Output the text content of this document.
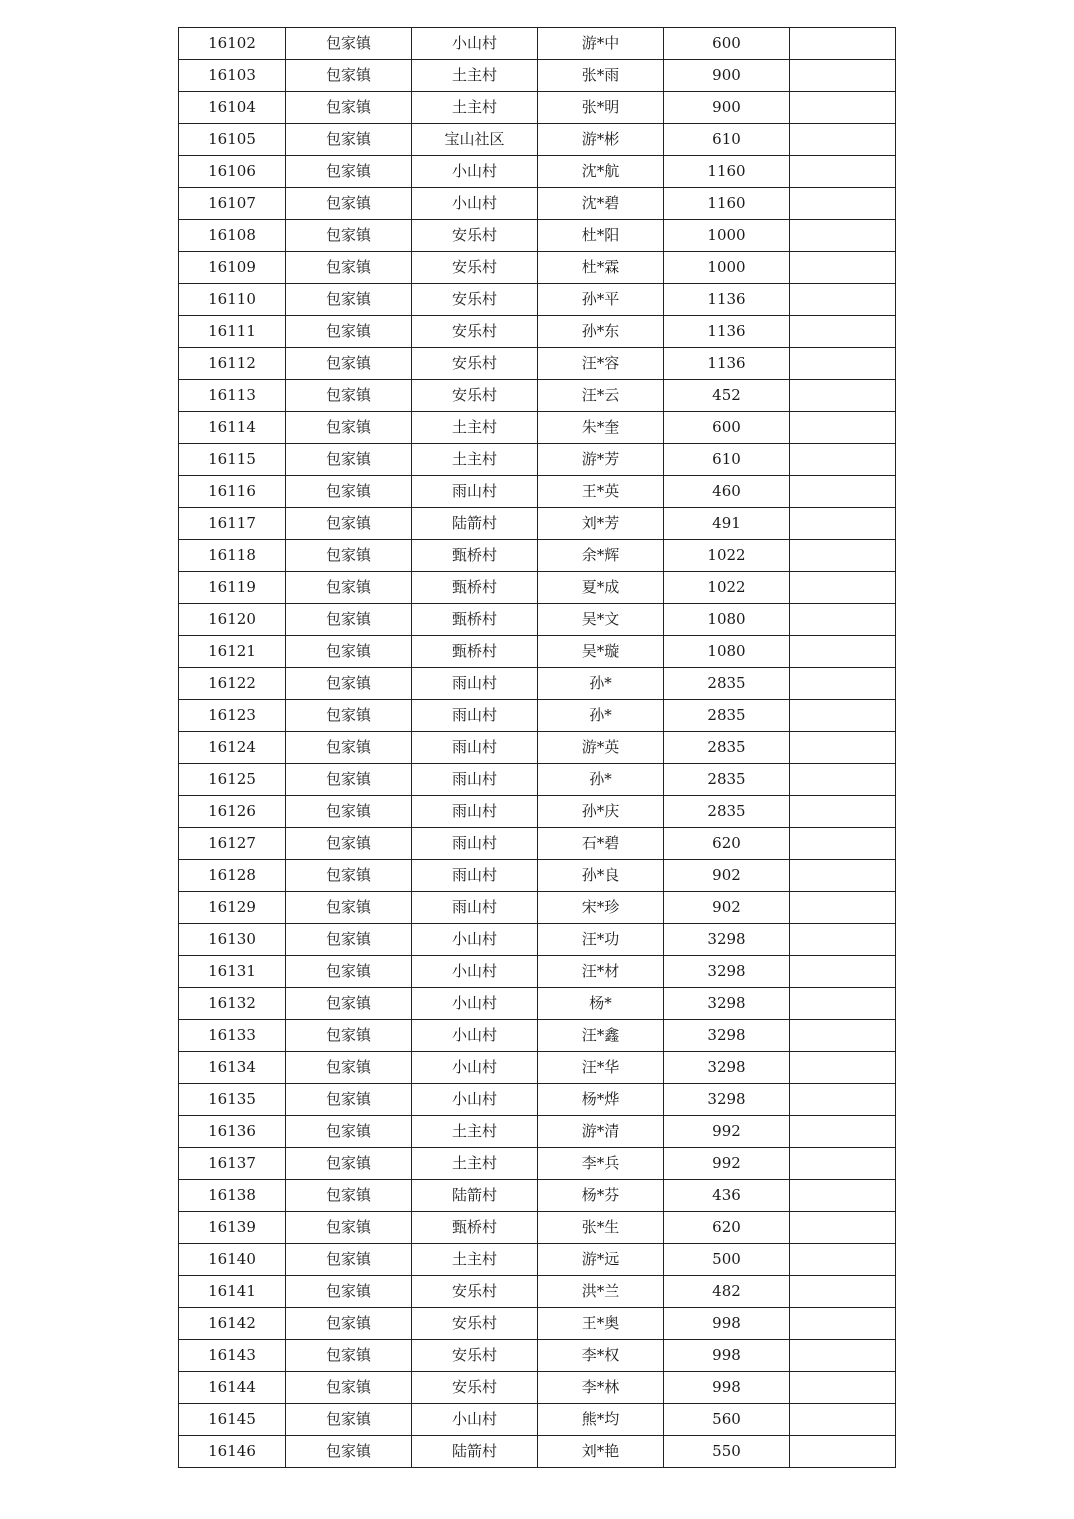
16102	包家镇	小山村	游*中	600	
16103	包家镇	土主村	张*雨	900	
16104	包家镇	土主村	张*明	900	
16105	包家镇	宝山社区	游*彬	610	
16106	包家镇	小山村	沈*航	1160	
16107	包家镇	小山村	沈*碧	1160	
16108	包家镇	安乐村	杜*阳	1000	
16109	包家镇	安乐村	杜*霖	1000	
16110	包家镇	安乐村	孙*平	1136	
16111	包家镇	安乐村	孙*东	1136	
16112	包家镇	安乐村	汪*容	1136	
16113	包家镇	安乐村	汪*云	452	
16114	包家镇	土主村	朱*奎	600	
16115	包家镇	土主村	游*芳	610	
16116	包家镇	雨山村	王*英	460	
16117	包家镇	陆箭村	刘*芳	491	
16118	包家镇	甄桥村	余*辉	1022	
16119	包家镇	甄桥村	夏*成	1022	
16120	包家镇	甄桥村	吴*文	1080	
16121	包家镇	甄桥村	吴*璇	1080	
16122	包家镇	雨山村	孙*	2835	
16123	包家镇	雨山村	孙*	2835	
16124	包家镇	雨山村	游*英	2835	
16125	包家镇	雨山村	孙*	2835	
16126	包家镇	雨山村	孙*庆	2835	
16127	包家镇	雨山村	石*碧	620	
16128	包家镇	雨山村	孙*良	902	
16129	包家镇	雨山村	宋*珍	902	
16130	包家镇	小山村	汪*功	3298	
16131	包家镇	小山村	汪*材	3298	
16132	包家镇	小山村	杨*	3298	
16133	包家镇	小山村	汪*鑫	3298	
16134	包家镇	小山村	汪*华	3298	
16135	包家镇	小山村	杨*烨	3298	
16136	包家镇	土主村	游*清	992	
16137	包家镇	土主村	李*兵	992	
16138	包家镇	陆箭村	杨*芬	436	
16139	包家镇	甄桥村	张*生	620	
16140	包家镇	土主村	游*远	500	
16141	包家镇	安乐村	洪*兰	482	
16142	包家镇	安乐村	王*奥	998	
16143	包家镇	安乐村	李*权	998	
16144	包家镇	安乐村	李*林	998	
16145	包家镇	小山村	熊*均	560	
16146	包家镇	陆箭村	刘*艳	550	
